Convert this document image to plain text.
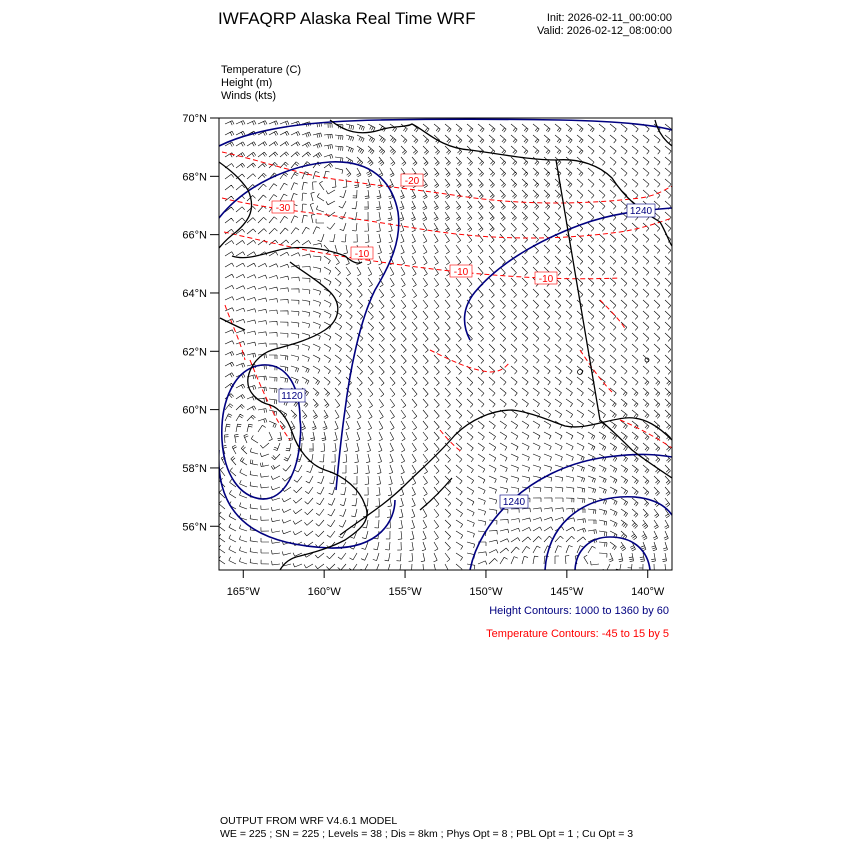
IWFAQRP Alaska Real Time WRF	Init: 2026-02-11_00:00:00
Valid: 2026-02-12_08:00:00
Temperature (C)
Height (m)
Winds (kts)
1240
1240
1120
-20
-30
-10
-10
-10
70°N
68°N
66°N
64°N
62°N
60°N
58°N
56°N
165°W	160°W	155°W	150°W	145°W	140°W
Height Contours: 1000 to 1360 by 60
Temperature Contours: -45 to 15 by 5
OUTPUT FROM WRF V4.6.1 MODEL
WE = 225 ; SN = 225 ; Levels = 38 ; Dis = 8km ; Phys Opt = 8 ; PBL Opt = 1 ; Cu Opt = 3
